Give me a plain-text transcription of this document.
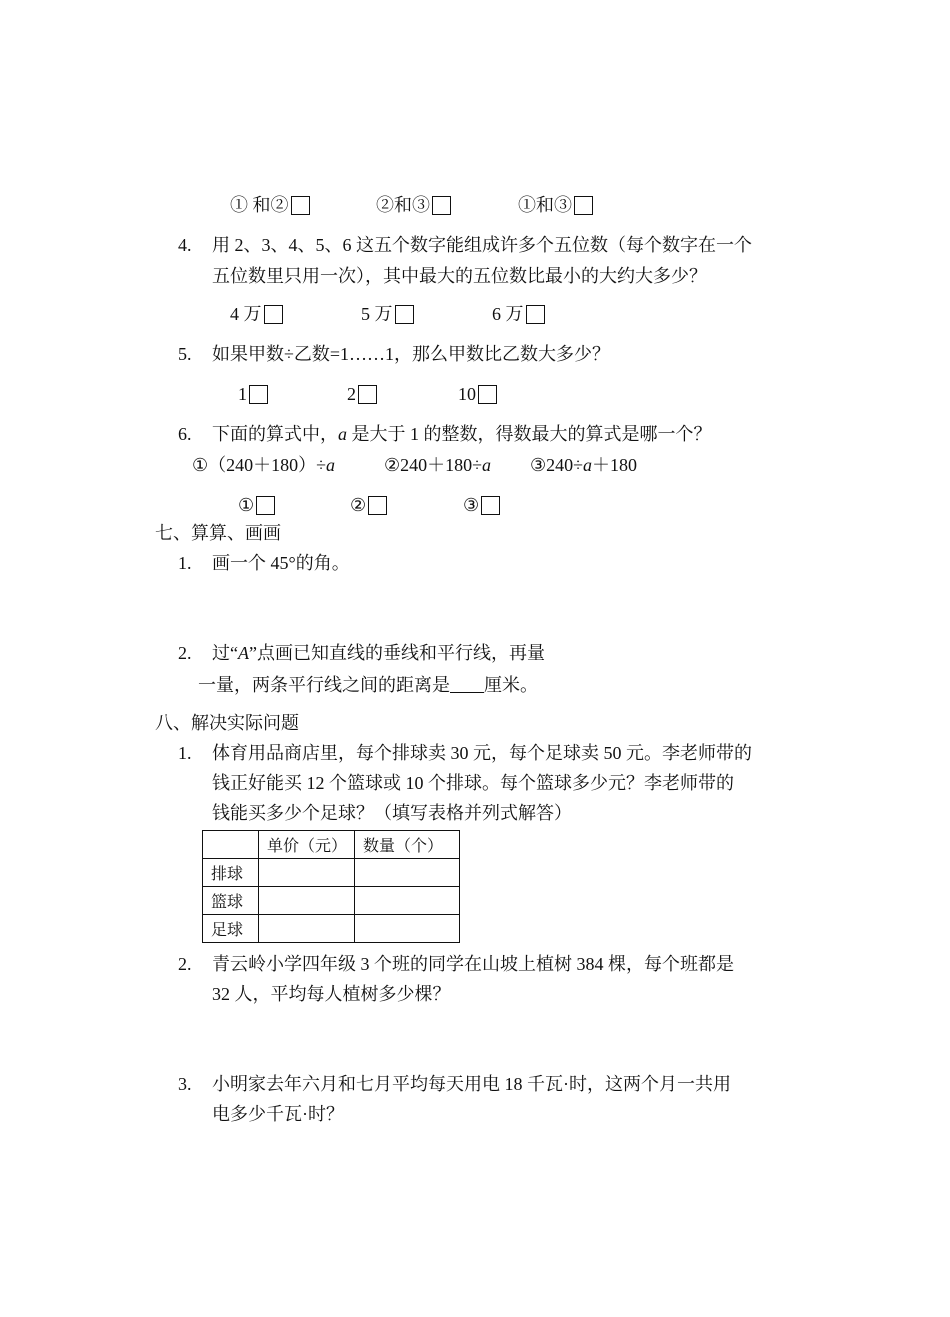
① 和②	②和③	①和③
4. 用 2、3、4、5、6 这五个数字能组成许多个五位数（每个数字在一个
五位数里只用一次），其中最大的五位数比最小的大约大多少？
4 万	5 万	6 万
5. 如果甲数÷乙数=1……1，那么甲数比乙数大多少？
1	2	10
6. 下面的算式中，a 是大于 1 的整数，得数最大的算式是哪一个？
①（240＋180）÷a	②240＋180÷a ③240÷a＋180
①	②	③
七、算算、画画
1. 画一个 45°的角。
2. 过“A”点画已知直线的垂线和平行线，再量
一量，两条平行线之间的距离是 厘米。
八、解决实际问题
1. 体育用品商店里，每个排球卖 30 元，每个足球卖 50 元。李老师带的
钱正好能买 12 个篮球或 10 个排球。每个篮球多少元？李老师带的
钱能买多少个足球？（填写表格并列式解答）
	单价（元）	数量（个）
排球		
篮球		
足球		
2. 青云岭小学四年级 3 个班的同学在山坡上植树 384 棵，每个班都是
32 人，平均每人植树多少棵？
3. 小明家去年六月和七月平均每天用电 18 千瓦·时，这两个月一共用
电多少千瓦·时？
